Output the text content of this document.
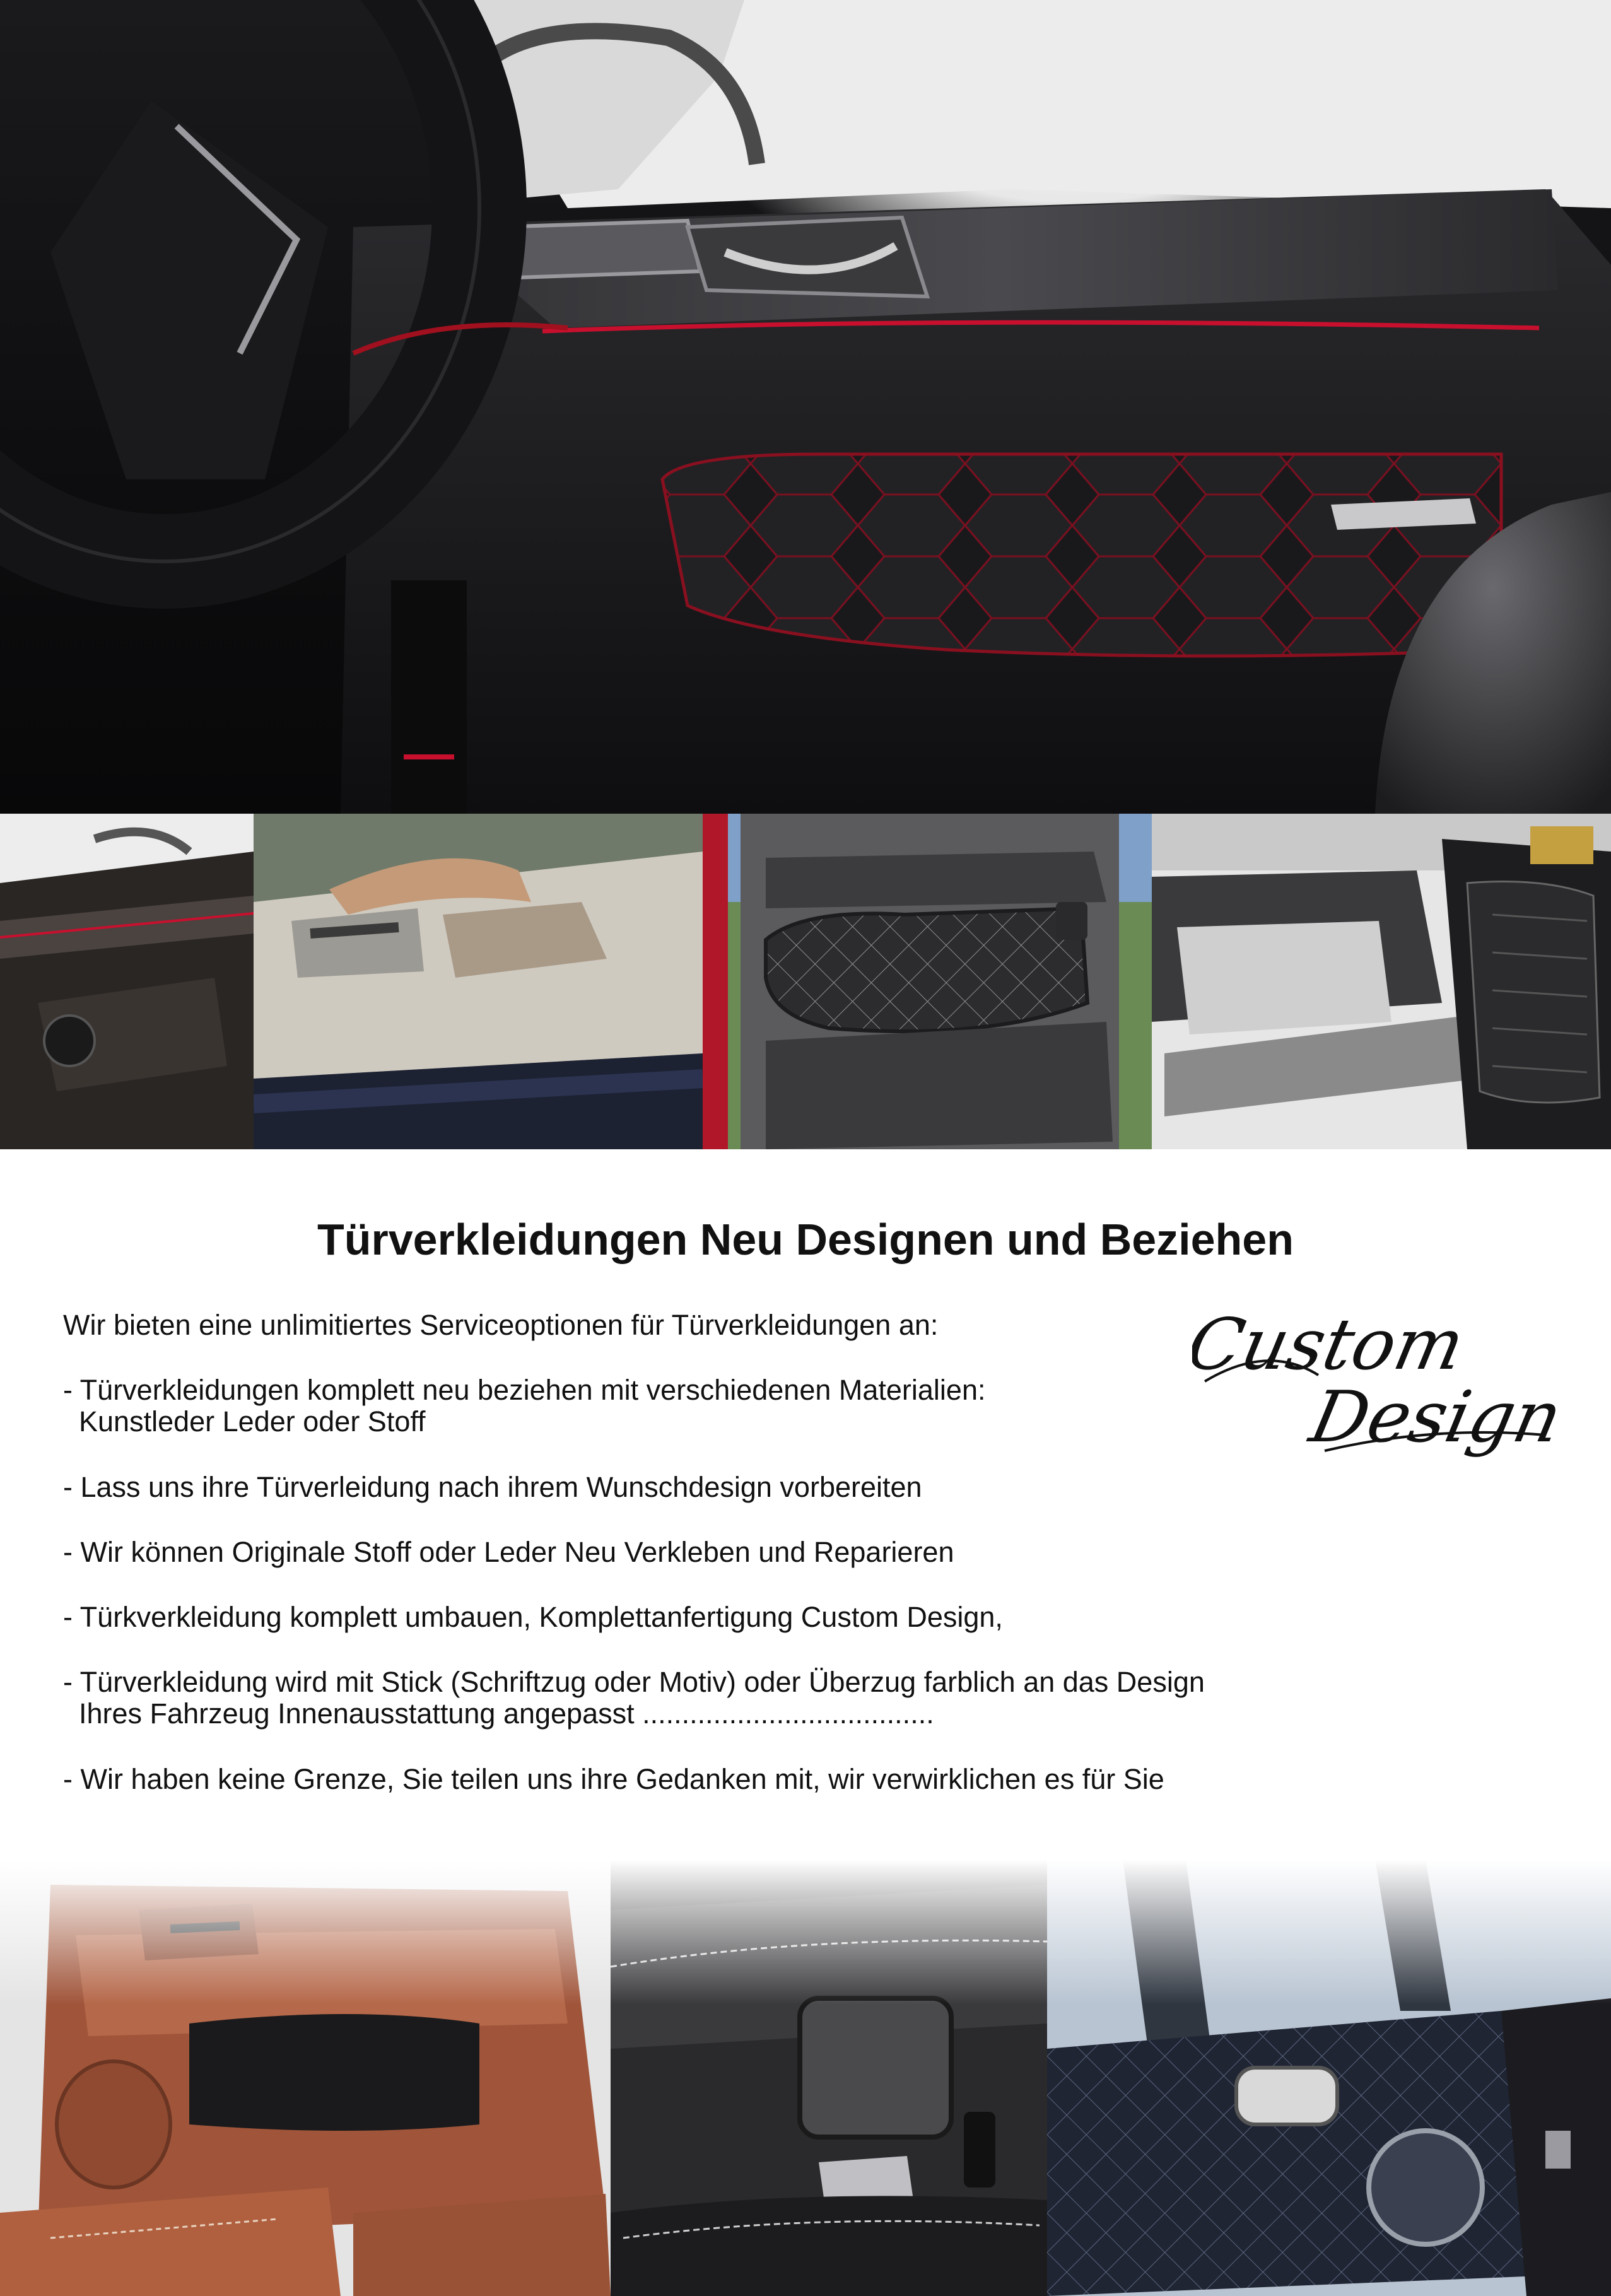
Türverkleidungen Neu Designen und Beziehen
Wir bieten eine unlimitiertes Serviceoptionen für Türverkleidungen an:
- Türverkleidungen komplett neu beziehen mit verschiedenen Materialien:
Kunstleder Leder oder Stoff
- Lass uns ihre Türverleidung nach ihrem Wunschdesign vorbereiten
- Wir können Originale Stoff oder Leder Neu Verkleben und Reparieren
- Türkverkleidung komplett umbauen, Komplettanfertigung Custom Design,
- Türverkleidung wird mit Stick (Schriftzug oder Motiv) oder Überzug farblich an das Design
Ihres Fahrzeug Innenausstattung angepasst .....................................
- Wir haben keine Grenze, Sie teilen uns ihre Gedanken mit, wir verwirklichen es für Sie
Custom
Design
